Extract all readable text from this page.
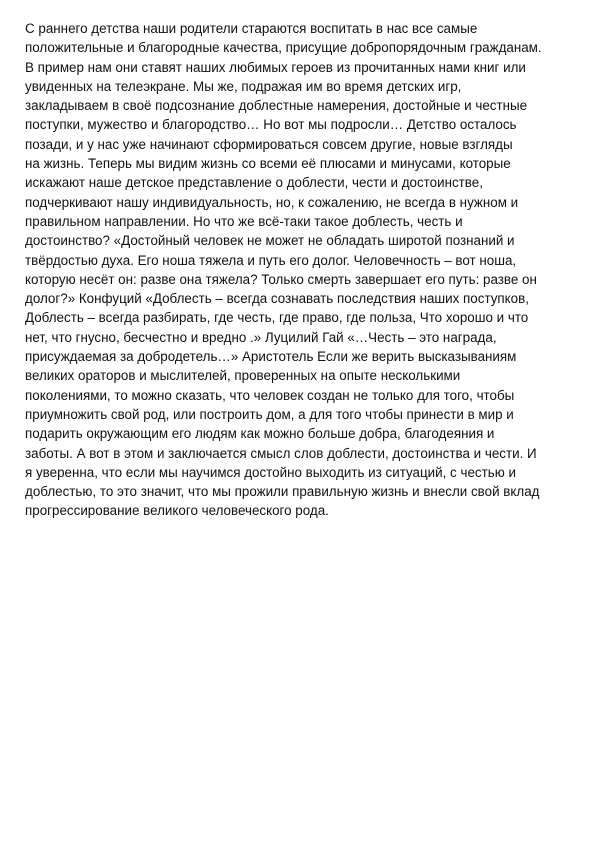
С раннего детства наши родители стараются воспитать в нас все самые
положительные и благородные качества, присущие добропорядочным гражданам.
В пример нам они ставят наших любимых героев из прочитанных нами книг или
увиденных на телеэкране. Мы же, подражая им во время детских игр,
закладываем в своё подсознание доблестные намерения, достойные и честные
поступки, мужество и благородство… Но вот мы подросли… Детство осталось
позади, и у нас уже начинают сформироваться совсем другие, новые взгляды
на жизнь. Теперь мы видим жизнь со всеми её плюсами и минусами, которые
искажают наше детское представление о доблести, чести и достоинстве,
подчеркивают нашу индивидуальность, но, к сожалению, не всегда в нужном и
правильном направлении. Но что же всё-таки такое доблесть, честь и
достоинство? «Достойный человек не может не обладать широтой познаний и
твёрдостью духа. Его ноша тяжела и путь его долог. Человечность – вот ноша,
которую несёт он: разве она тяжела? Только смерть завершает его путь: разве он
долог?» Конфуций «Доблесть – всегда сознавать последствия наших поступков,
Доблесть – всегда разбирать, где честь, где право, где польза, Что хорошо и что
нет, что гнусно, бесчестно и вредно .» Луцилий Гай «…Честь – это награда,
присуждаемая за добродетель…» Аристотель Если же верить высказываниям
великих ораторов и мыслителей, проверенных на опыте несколькими
поколениями, то можно сказать, что человек создан не только для того, чтобы
приумножить свой род, или построить дом, а для того чтобы принести в мир и
подарить окружающим его людям как можно больше добра, благодеяния и
заботы. А вот в этом и заключается смысл слов доблести, достоинства и чести. И
я уверенна, что если мы научимся достойно выходить из ситуаций, с честью и
доблестью, то это значит, что мы прожили правильную жизнь и внесли свой вклад
прогрессирование великого человеческого рода.
